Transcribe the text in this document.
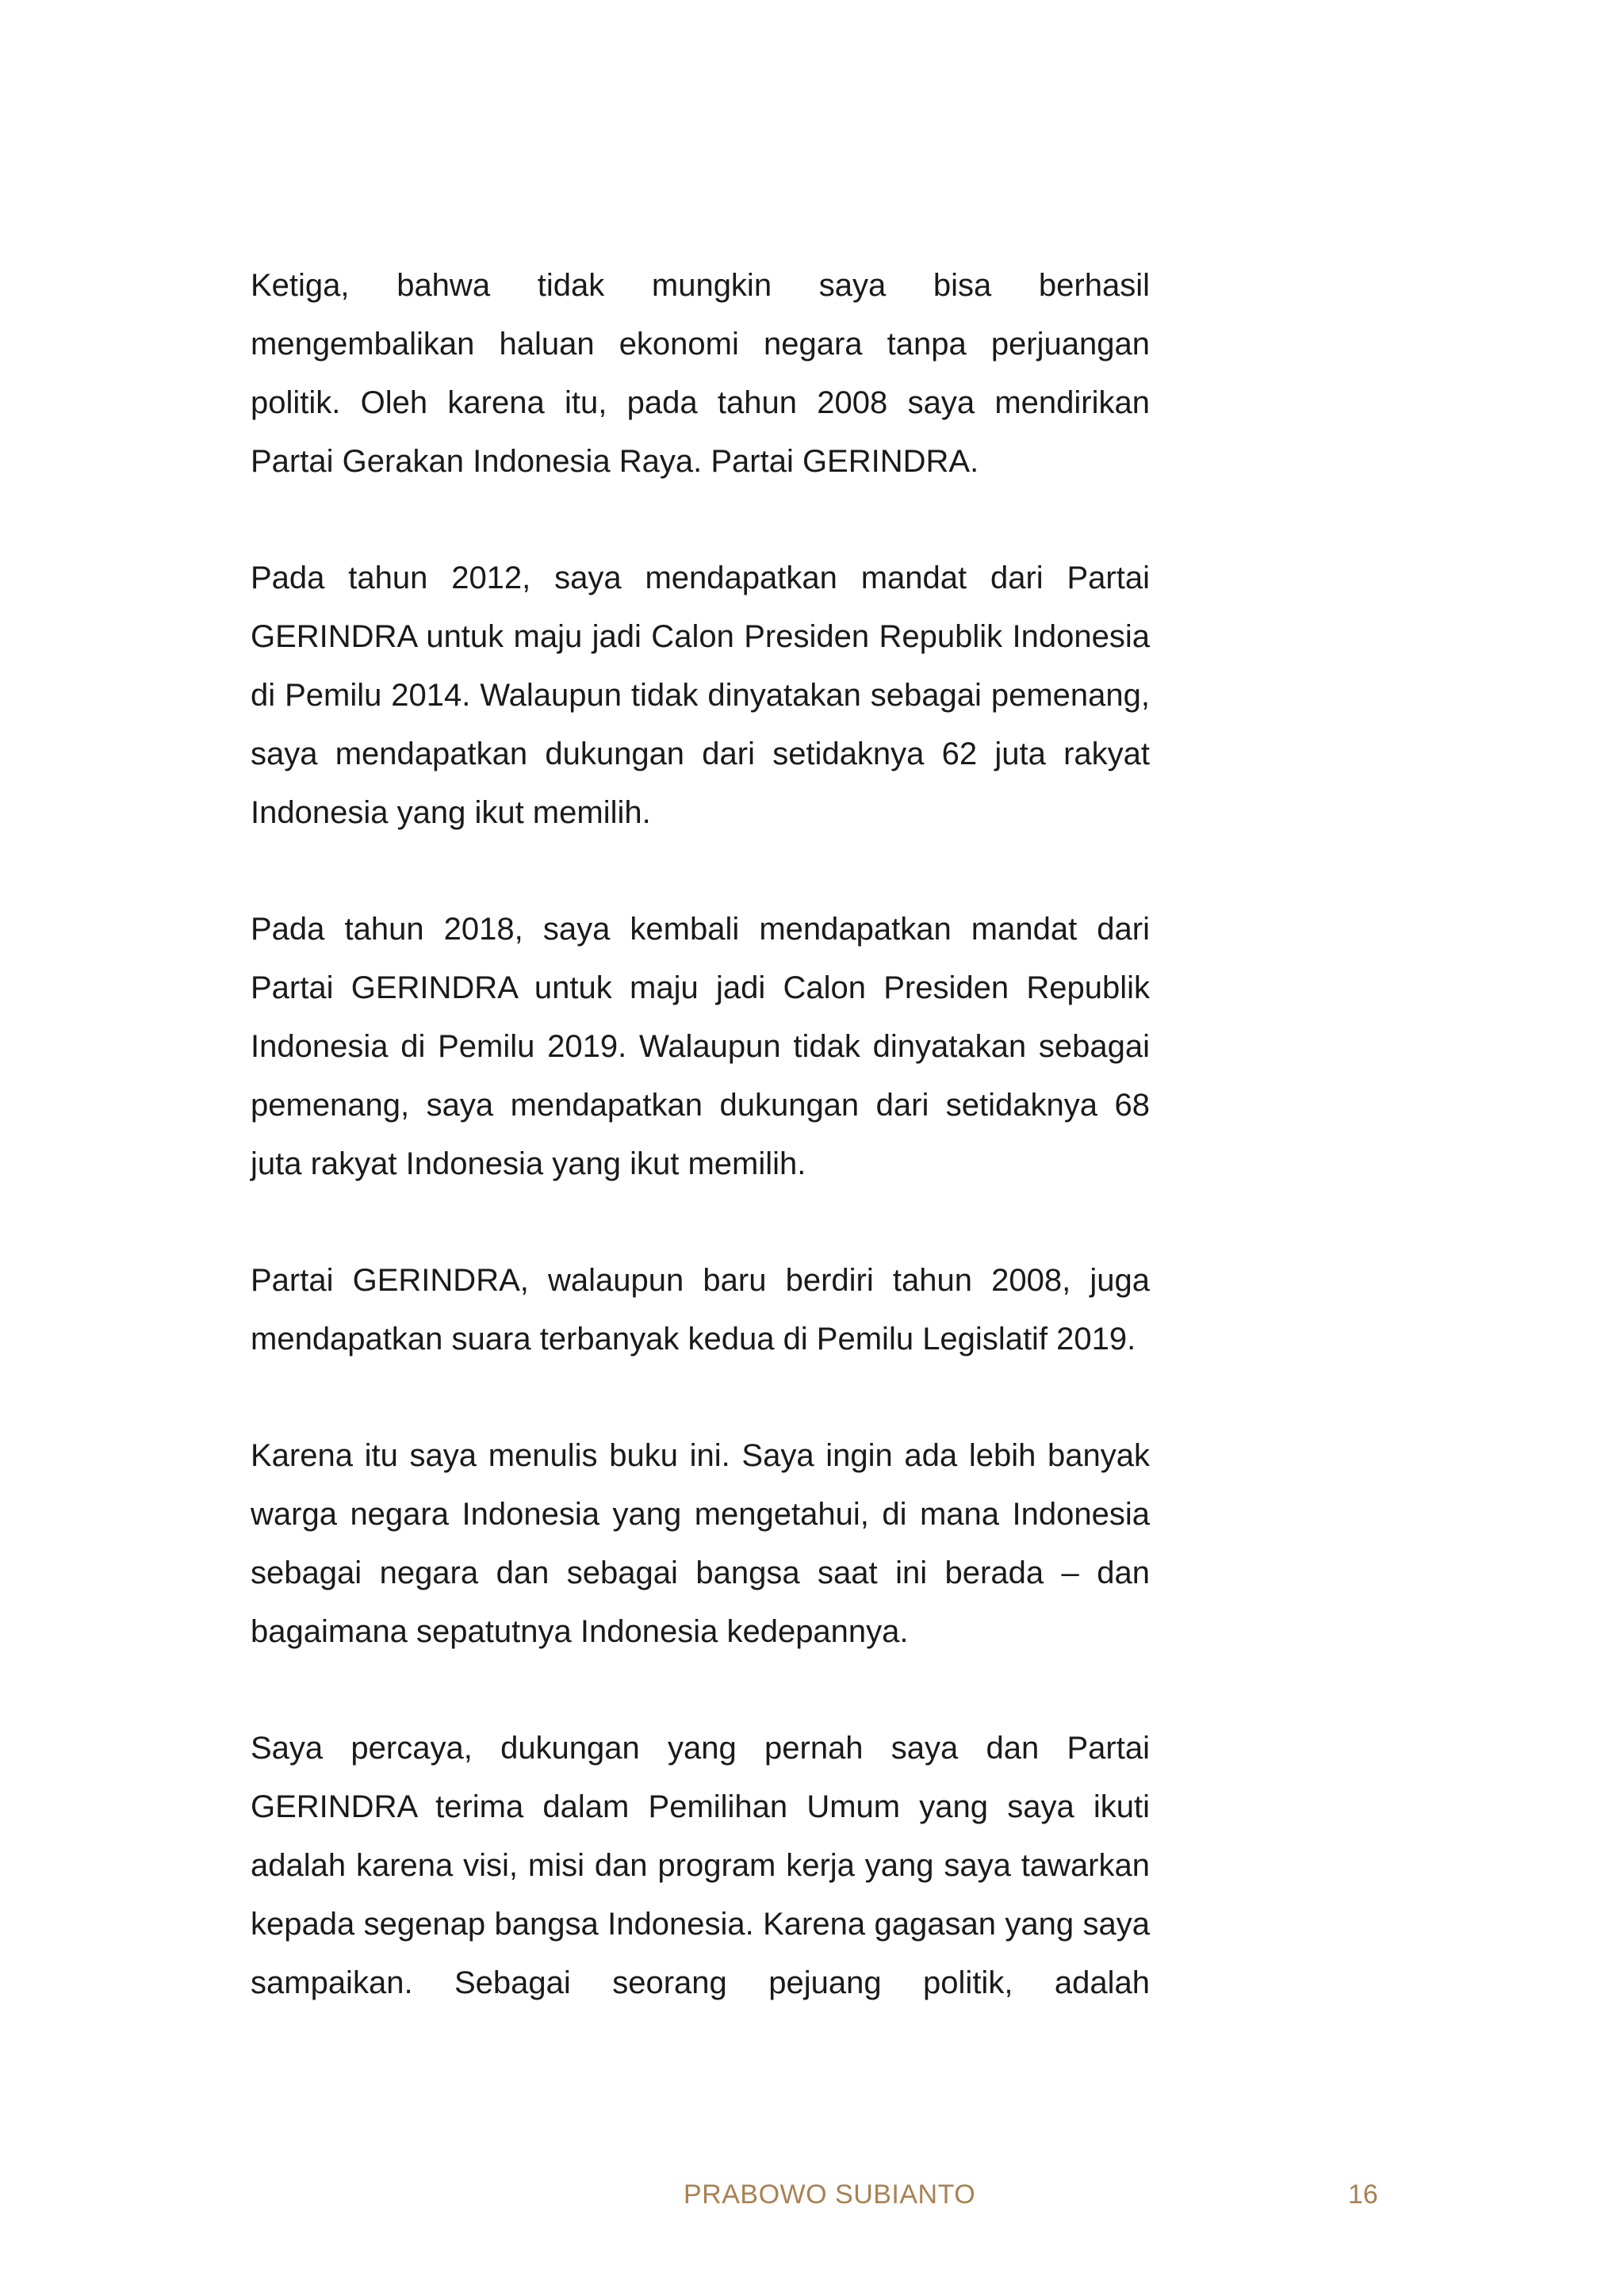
Ketiga, bahwa tidak mungkin saya bisa berhasil mengembalikan haluan ekonomi negara tanpa perjuangan politik. Oleh karena itu, pada tahun 2008 saya mendirikan Partai Gerakan Indonesia Raya. Partai GERINDRA.

Pada tahun 2012, saya mendapatkan mandat dari Partai GERINDRA untuk maju jadi Calon Presiden Republik Indonesia di Pemilu 2014. Walaupun tidak dinyatakan sebagai pemenang, saya mendapatkan dukungan dari setidaknya 62 juta rakyat Indonesia yang ikut memilih.

Pada tahun 2018, saya kembali mendapatkan mandat dari Partai GERINDRA untuk maju jadi Calon Presiden Republik Indonesia di Pemilu 2019. Walaupun tidak dinyatakan sebagai pemenang, saya mendapatkan dukungan dari setidaknya 68 juta rakyat Indonesia yang ikut memilih.

Partai GERINDRA, walaupun baru berdiri tahun 2008, juga mendapatkan suara terbanyak kedua di Pemilu Legislatif 2019.

Karena itu saya menulis buku ini. Saya ingin ada lebih banyak warga negara Indonesia yang mengetahui, di mana Indonesia sebagai negara dan sebagai bangsa saat ini berada – dan bagaimana sepatutnya Indonesia kedepannya.

Saya percaya, dukungan yang pernah saya dan Partai GERINDRA terima dalam Pemilihan Umum yang saya ikuti adalah karena visi, misi dan program kerja yang saya tawarkan kepada segenap bangsa Indonesia. Karena gagasan yang saya sampaikan. Sebagai seorang pejuang politik, adalah

PRABOWO SUBIANTO	16
